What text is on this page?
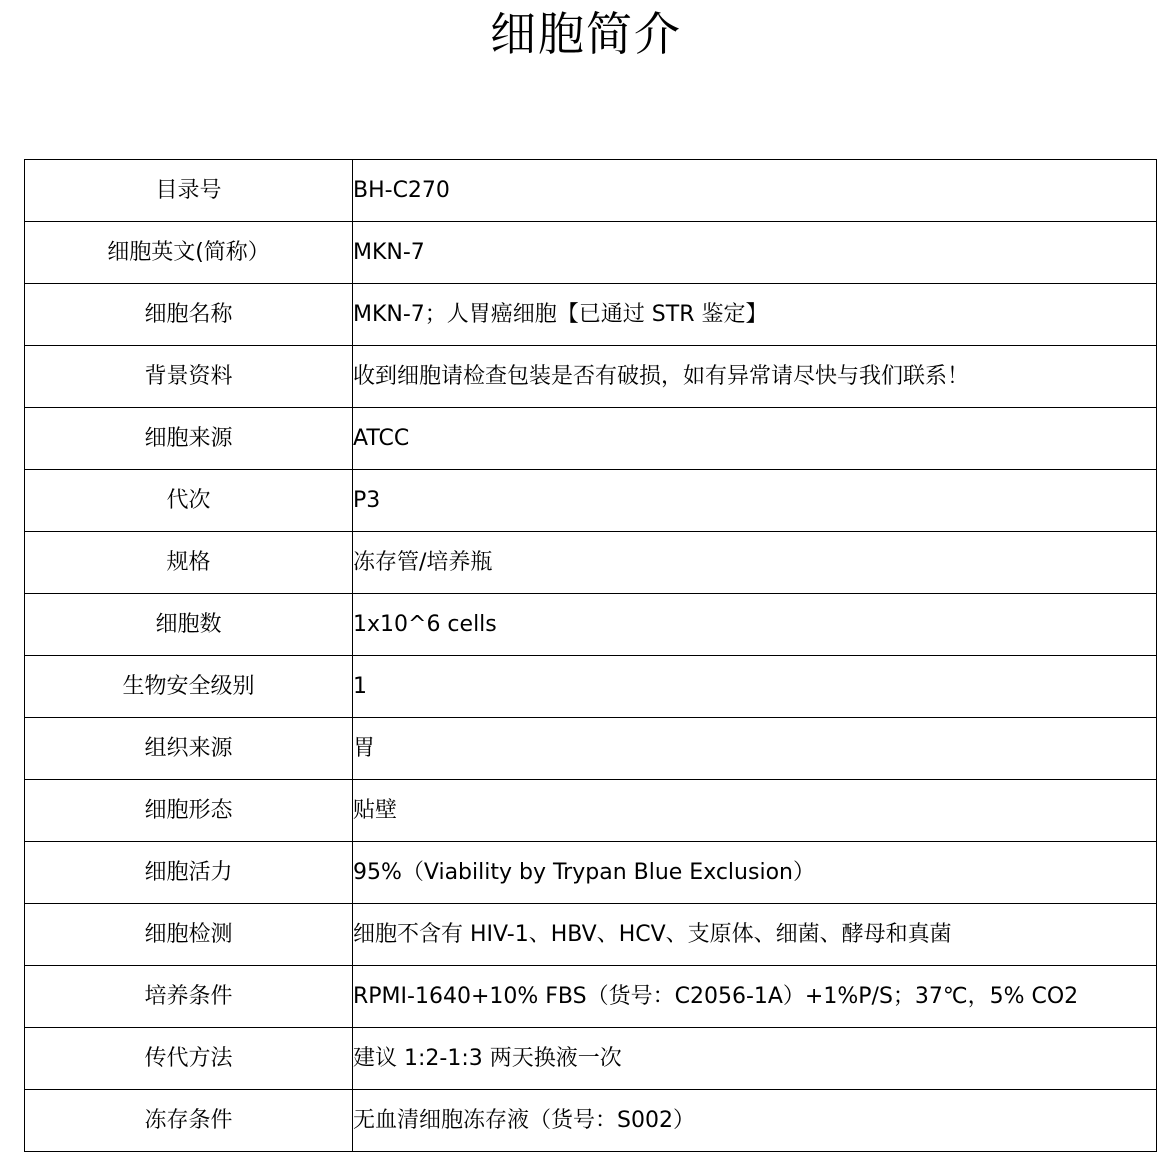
细胞简介
目录号	BH-C270
细胞英文(简称）	MKN-7
细胞名称	MKN-7；人胃癌细胞【已通过 STR 鉴定】
背景资料	收到细胞请检查包装是否有破损，如有异常请尽快与我们联系！
细胞来源	ATCC
代次	P3
规格	冻存管/培养瓶
细胞数	1x10^6 cells
生物安全级别	1
组织来源	胃
细胞形态	贴壁
细胞活力	95%（Viability by Trypan Blue Exclusion）
细胞检测	细胞不含有 HIV-1、HBV、HCV、支原体、细菌、酵母和真菌
培养条件	RPMI-1640+10% FBS（货号：C2056-1A）+1%P/S；37℃，5% CO2
传代方法	建议 1:2-1:3 两天换液一次
冻存条件	无血清细胞冻存液（货号：S002）
